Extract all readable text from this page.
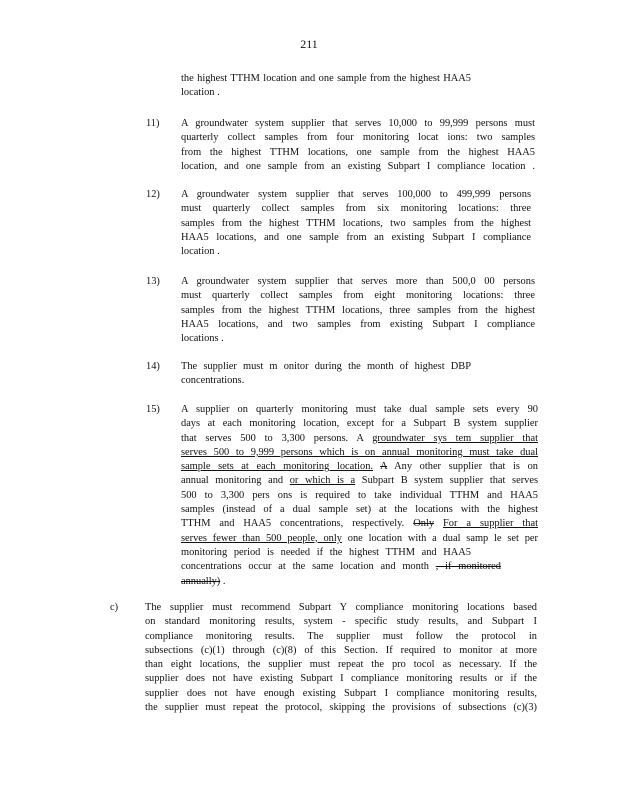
211
the highest TTHM location and one sample from the highest HAA5
location .
11) A groundwater system supplier that serves 10,000 to 99,999 persons must
quarterly collect samples from four monitoring locat ions: two samples
from the highest TTHM locations, one sample from the highest HAA5
location, and one sample from an existing Subpart I compliance location .
12) A groundwater system supplier that serves 100,000 to 499,999 persons
must quarterly collect samples from six monitoring locations: three
samples from the highest TTHM locations, two samples from the highest
HAA5 locations, and one sample from an existing Subpart I compliance
location .
13) A groundwater system supplier that serves more than 500,0 00 persons
must quarterly collect samples from eight monitoring locations: three
samples from the highest TTHM locations, three samples from the highest
HAA5 locations, and two samples from existing Subpart I compliance
locations .
14) The supplier must m onitor during the month of highest DBP
concentrations.
15) A supplier on quarterly monitoring must take dual sample sets every 90
days at each monitoring location, except for a Subpart B system supplier
that serves 500 to 3,300 persons. A groundwater sys tem supplier that
serves 500 to 9,999 persons which is on annual monitoring must take dual
sample sets at each monitoring location. A Any other supplier that is on
annual monitoring and or which is a Subpart B system supplier that serves
500 to 3,300 pers ons is required to take individual TTHM and HAA5
samples (instead of a dual sample set) at the locations with the highest
TTHM and HAA5 concentrations, respectively. Only For a supplier that
serves fewer than 500 people, only one location with a dual samp le set per
monitoring period is needed if the highest TTHM and HAA5
concentrations occur at the same location and month , if monitored
annually) .
c)	The supplier must recommend Subpart Y compliance monitoring locations based
on standard monitoring results, system - specific study results, and Subpart I
compliance monitoring results. The supplier must follow the protocol in
subsections (c)(1) through (c)(8) of this Section. If required to monitor at more
than eight locations, the supplier must repeat the pro tocol as necessary. If the
supplier does not have existing Subpart I compliance monitoring results or if the
supplier does not have enough existing Subpart I compliance monitoring results,
the supplier must repeat the protocol, skipping the provisions of subsections (c)(3)
